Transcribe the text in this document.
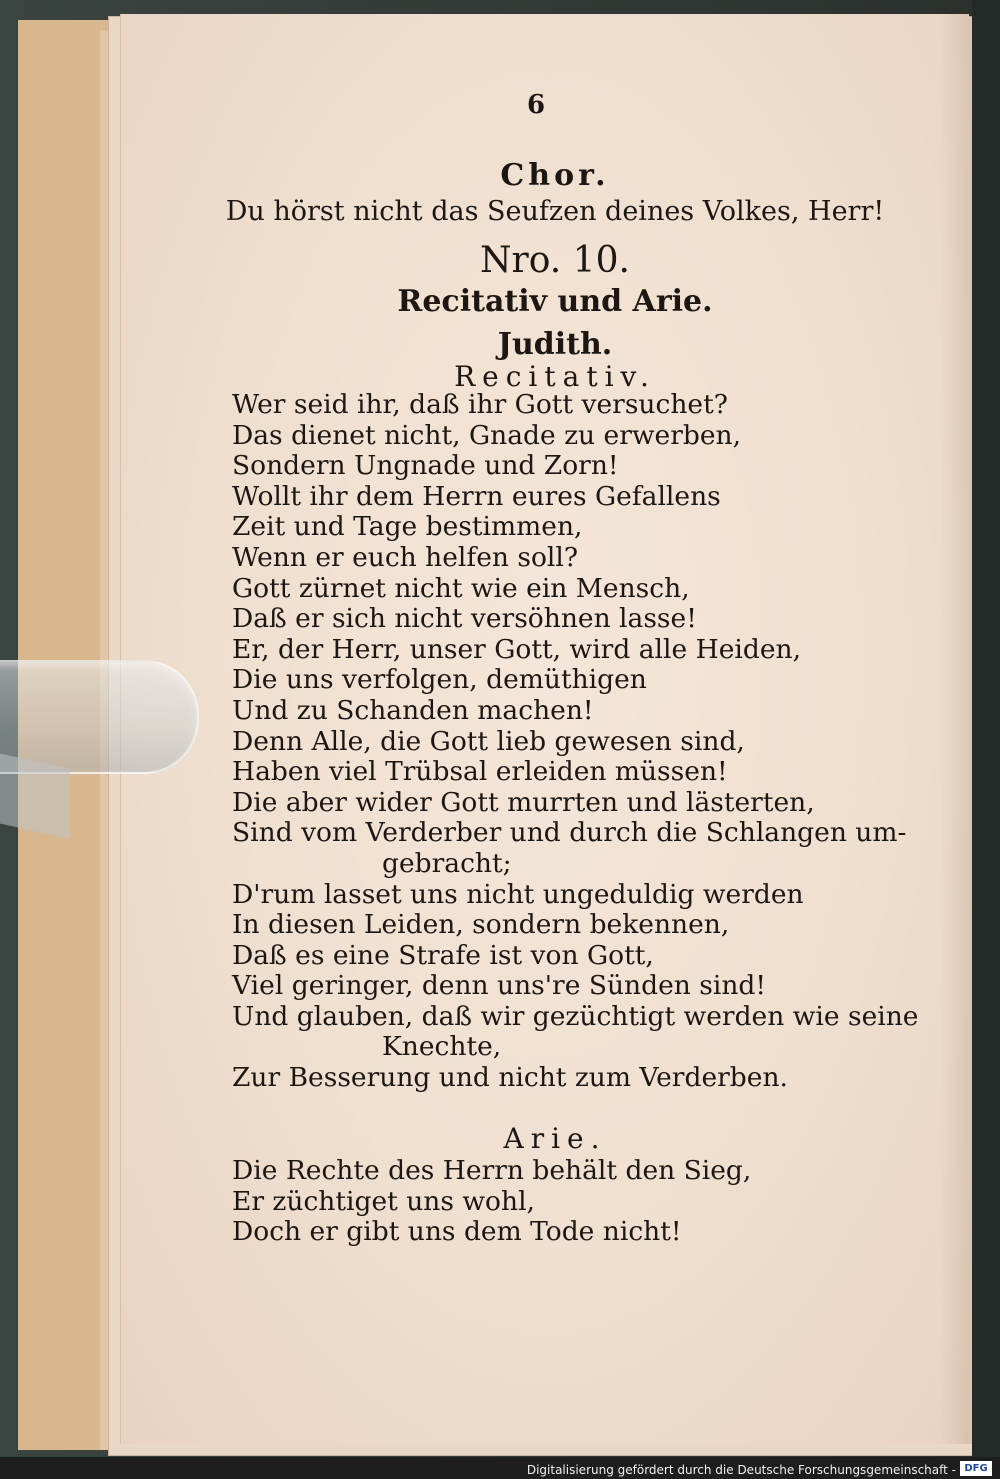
6
Chor.
Du hörst nicht das Seufzen deines Volkes, Herr!
Nro. 10.
Recitativ und Arie.
Judith.
Recitativ.
Wer seid ihr, daß ihr Gott versuchet?
Das dienet nicht, Gnade zu erwerben,
Sondern Ungnade und Zorn!
Wollt ihr dem Herrn eures Gefallens
Zeit und Tage bestimmen,
Wenn er euch helfen soll?
Gott zürnet nicht wie ein Mensch,
Daß er sich nicht versöhnen lasse!
Er, der Herr, unser Gott, wird alle Heiden,
Die uns verfolgen, demüthigen
Und zu Schanden machen!
Denn Alle, die Gott lieb gewesen sind,
Haben viel Trübsal erleiden müssen!
Die aber wider Gott murrten und lästerten,
Sind vom Verderber und durch die Schlangen um-
gebracht;
D'rum lasset uns nicht ungeduldig werden
In diesen Leiden, sondern bekennen,
Daß es eine Strafe ist von Gott,
Viel geringer, denn uns're Sünden sind!
Und glauben, daß wir gezüchtigt werden wie seine
Knechte,
Zur Besserung und nicht zum Verderben.
Arie.
Die Rechte des Herrn behält den Sieg,
Er züchtiget uns wohl,
Doch er gibt uns dem Tode nicht!
Digitalisierung gefördert durch die Deutsche Forschungsgemeinschaft - DFG
